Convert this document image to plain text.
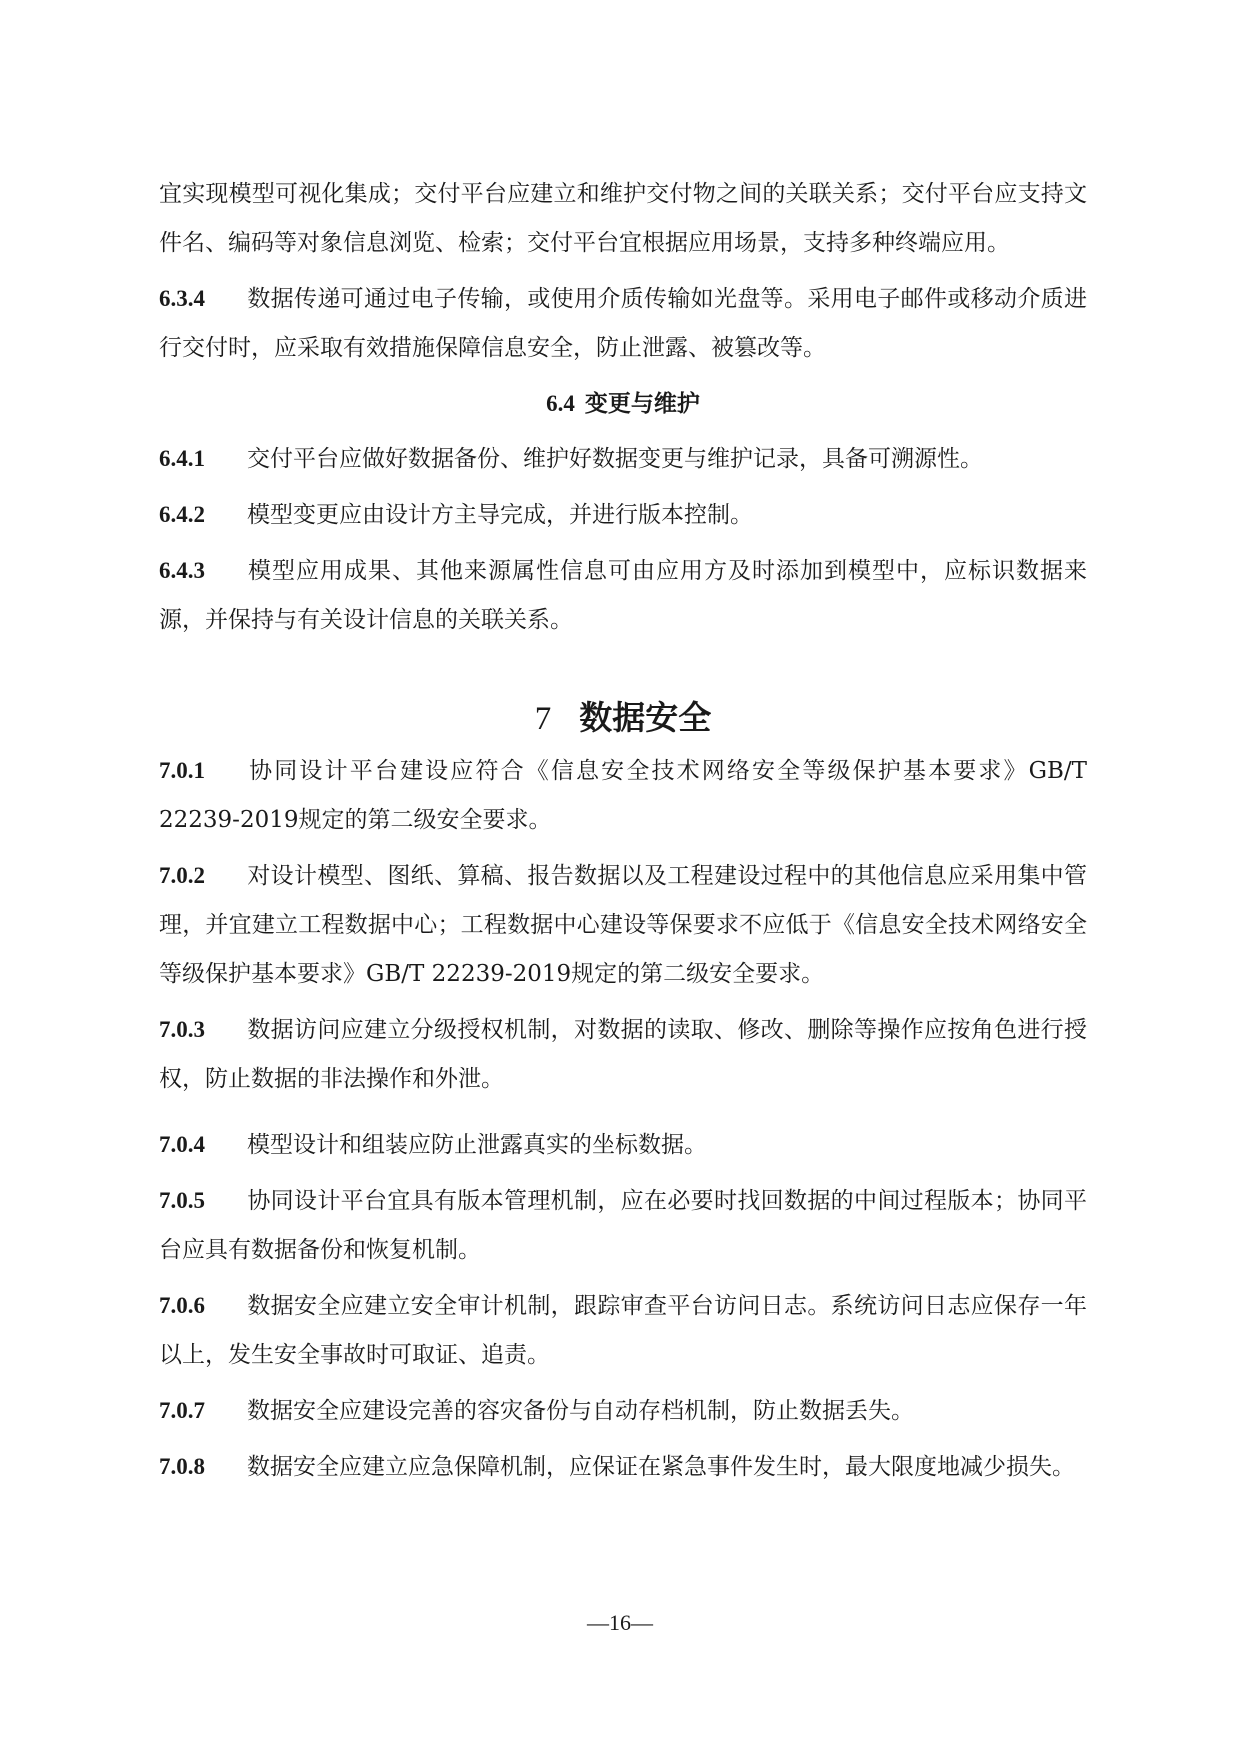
宜实现模型可视化集成；交付平台应建立和维护交付物之间的关联关系；交付平台应支持文件名、编码等对象信息浏览、检索；交付平台宜根据应用场景，支持多种终端应用。

6.3.4 数据传递可通过电子传输，或使用介质传输如光盘等。采用电子邮件或移动介质进行交付时，应采取有效措施保障信息安全，防止泄露、被篡改等。

6.4 变更与维护

6.4.1 交付平台应做好数据备份、维护好数据变更与维护记录，具备可溯源性。

6.4.2 模型变更应由设计方主导完成，并进行版本控制。

6.4.3 模型应用成果、其他来源属性信息可由应用方及时添加到模型中，应标识数据来源，并保持与有关设计信息的关联关系。

7 数据安全

7.0.1 协同设计平台建设应符合《信息安全技术网络安全等级保护基本要求》GB/T 22239-2019规定的第二级安全要求。

7.0.2 对设计模型、图纸、算稿、报告数据以及工程建设过程中的其他信息应采用集中管理，并宜建立工程数据中心；工程数据中心建设等保要求不应低于《信息安全技术网络安全等级保护基本要求》GB/T 22239-2019规定的第二级安全要求。

7.0.3 数据访问应建立分级授权机制，对数据的读取、修改、删除等操作应按角色进行授权，防止数据的非法操作和外泄。

7.0.4 模型设计和组装应防止泄露真实的坐标数据。

7.0.5 协同设计平台宜具有版本管理机制，应在必要时找回数据的中间过程版本；协同平台应具有数据备份和恢复机制。

7.0.6 数据安全应建立安全审计机制，跟踪审查平台访问日志。系统访问日志应保存一年以上，发生安全事故时可取证、追责。

7.0.7 数据安全应建设完善的容灾备份与自动存档机制，防止数据丢失。

7.0.8 数据安全应建立应急保障机制，应保证在紧急事件发生时，最大限度地减少损失。

—16—
